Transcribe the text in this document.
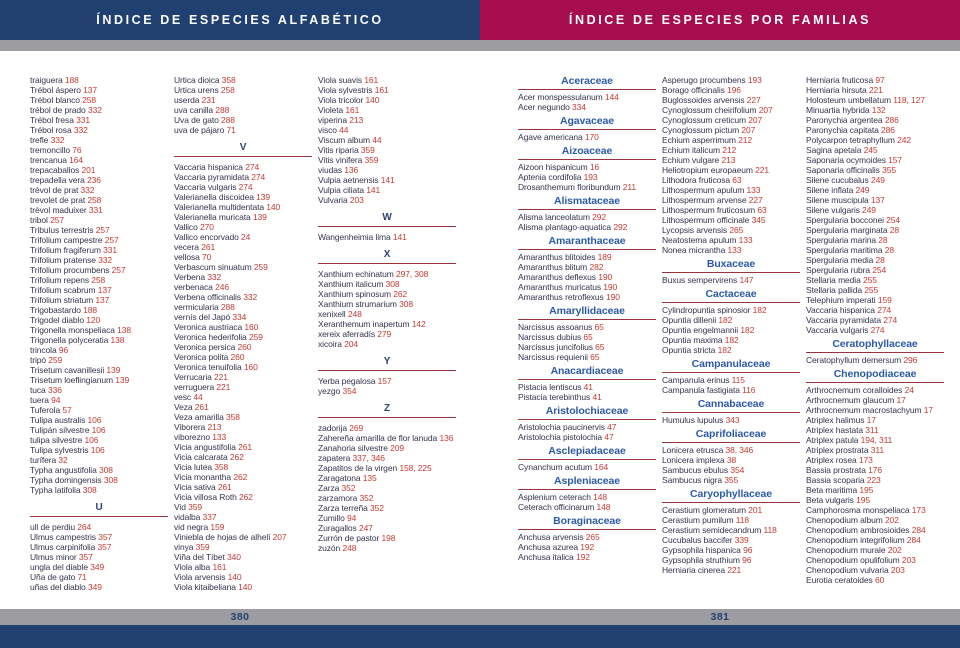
ÍNDICE DE ESPECIES ALFABÉTICO	ÍNDICE DE ESPECIES POR FAMILIAS
traiguera 188
Trébol áspero 137
Trébol blanco 258
trébol de prado 332
Trébol fresa 331
Trébol rosa 332
trefle 332
tremoncillo 76
trencanua 164
trepacaballos 201
trepadella vera 236
trèvol de prat 332
trevolet de prat 258
trèvol maduixer 331
tribol 257
Tribulus terrestris 257
Trifolium campestre 257
Trifolium fragiferum 331
Trifolium pratense 332
Trifolium procumbens 257
Trifolium repens 258
Trifolium scabrum 137
Trifolium striatum 137
Trigobastardo 188
Trigodel diablo 120
Trigonella monspeliaca 138
Trigonella polyceratia 138
trincola 96
tripó 259
Trisetum cavanillesii 139
Trisetum loeflingianum 139
tuca 336
tuera 94
Tuferola 57
Tulipa australis 106
Tulipán silvestre 106
tulipa silvestre 106
Tulipa sylvestris 106
turífera 32
Typha angustifolia 308
Typha domingensis 308
Typha latifolia 308
U
ull de perdiu 264
Ulmus campestris 357
Ulmus carpinifolia 357
Ulmus minor 357
ungla del diable 349
Uña de gato 71
uñas del diablo 349
Urtica dioica 358
Urtica urens 258
userda 231
uva canilla 288
Uva de gato 288
uva de pájaro 71
V
Vaccaria hispanica 274
Vaccaria pyramidata 274
Vaccaria vulgaris 274
Valerianella discoidea 139
Valerianella multidentata 140
Valerianella muricata 139
Vallico 270
Vallico encorvado 24
vecera 261
vellosa 70
Verbascum sinuatum 259
Verbena 332
verbenaca 246
Verbena officinalis 332
vermicularia 288
vernís del Japó 334
Veronica austriaca 160
Veronica hederifolia 259
Veronica persica 260
Veronica polita 260
Veronica tenuifolia 160
Verrucaria 221
verruguera 221
vesc 44
Veza 261
Veza amarilla 358
Viborera 213
viborezno 133
Vicia angustifolia 261
Vicia calcarata 262
Vicia lutea 358
Vicia monantha 262
Vicia sativa 261
Vicia villosa Roth 262
Vid 359
vidalba 337
vid negra 159
Viniebla de hojas de alhelí 207
vinya 359
Viña del Tíbet 340
Viola alba 161
Viola arvensis 140
Viola kitaibeliana 140
Viola suavis 161
Viola sylvestris 161
Viola tricolor 140
Violeta 161
viperina 213
visco 44
Viscum album 44
Vitis riparia 359
Vitis vinifera 359
viudas 136
Vulpia aetnensis 141
Vulpia ciliata 141
Vulvaria 203
W
Wangenheimia lima 141
X
Xanthium echinatum 297, 308
Xanthium italicum 308
Xanthium spinosum 262
Xanthium strumarium 308
xenixell 248
Xeranthemum inapertum 142
xereix aferradís 279
xicoira 204
Y
Yerba pegalosa 157
yezgo 354
Z
zadorija 269
Zahereña amarilla de flor lanuda 136
Zanahoria silvestre 209
zapatera 337, 346
Zapatitos de la virgen 158, 225
Zaragatona 135
Zarza 352
zarzamora 352
Zarza terreña 352
Zumillo 94
Zuragallos 247
Zurrón de pastor 198
zuzón 248
Aceraceae
Acer monspessulanum 144
Acer negundo 334
Agavaceae
Agave americana 170
Aizoaceae
Aizoon hispanicum 16
Aptenia cordifolia 193
Drosanthemum floribundum 211
Alismataceae
Alisma lanceolatum 292
Alisma plantago-aquatica 292
Amaranthaceae
Amaranthus blitoides 189
Amaranthus blitum 282
Amaranthus deflexus 190
Amaranthus muricatus 190
Amaranthus retroflexus 190
Amaryllidaceae
Narcissus assoanus 65
Narcissus dubius 65
Narcissus juncifolius 65
Narcissus requienii 65
Anacardiaceae
Pistacia lentiscus 41
Pistacia terebinthus 41
Aristolochiaceae
Aristolochia paucinervis 47
Aristolochia pistolochia 47
Asclepiadaceae
Cynanchum acutum 164
Aspleniaceae
Asplenium ceterach 148
Ceterach officinarum 148
Boraginaceae
Anchusa arvensis 265
Anchusa azurea 192
Anchusa italica 192
Asperugo procumbens 193
Borago officinalis 196
Buglossoides arvensis 227
Cynoglossum cheirifolium 207
Cynoglossum creticum 207
Cynoglossum pictum 207
Echium asperrimum 212
Echium italicum 212
Echium vulgare 213
Heliotropium europaeum 221
Lithodora fruticosa 63
Lithospermum apulum 133
Lithospermum arvense 227
Lithospermum fruticosum 63
Lithospermum officinale 345
Lycopsis arvensis 265
Neatostema apulum 133
Nonea micrantha 133
Buxaceae
Buxus sempervirens 147
Cactaceae
Cylindropuntia spinosior 182
Opuntia dillenii 182
Opuntia engelmannii 182
Opuntia maxima 182
Opuntia stricta 182
Campanulaceae
Campanula erinus 115
Campanula fastigiata 116
Cannabaceae
Humulus lupulus 343
Caprifoliaceae
Lonicera etrusca 38, 346
Lonicera implexa 38
Sambucus ebulus 354
Sambucus nigra 355
Caryophyllaceae
Cerastium glomeratum 201
Cerastium pumilum 118
Cerastium semidecandrum 118
Cucubalus baccifer 339
Gypsophila hispanica 96
Gypsophila struthium 96
Herniaria cinerea 221
Herniaria fruticosa 97
Herniaria hirsuta 221
Holosteum umbellatum 118, 127
Minuartia hybrida 132
Paronychia argentea 286
Paronychia capitata 286
Polycarpon tetraphyllum 242
Sagina apetala 245
Saponaria ocymoides 157
Saponaria officinalis 355
Silene cucubalus 249
Silene inflata 249
Silene muscipula 137
Silene vulgaris 249
Spergularia bocconei 254
Spergularia marginata 28
Spergularia marina 28
Spergularia maritima 28
Spergularia media 28
Spergularia rubra 254
Stellaria media 255
Stellaria pallida 255
Telephium imperati 159
Vaccaria hispanica 274
Vaccaria pyramidata 274
Vaccaria vulgaris 274
Ceratophyllaceae
Ceratophyllum demersum 296
Chenopodiaceae
Arthrocnemum coralloides 24
Arthrocnemum glaucum 17
Arthrocnemum macrostachyum 17
Atriplex halimus 17
Atriplex hastata 311
Atriplex patula 194, 311
Atriplex prostrata 311
Atriplex rosea 173
Bassia prostrata 176
Bassia scoparia 223
Beta maritima 195
Beta vulgaris 195
Camphorosma monspeliaca 173
Chenopodium album 202
Chenopodium ambrosioides 284
Chenopodium integrifolium 284
Chenopodium murale 202
Chenopodium opulifolium 203
Chenopodium vulvaria 203
Eurotia ceratoides 60
380	381
